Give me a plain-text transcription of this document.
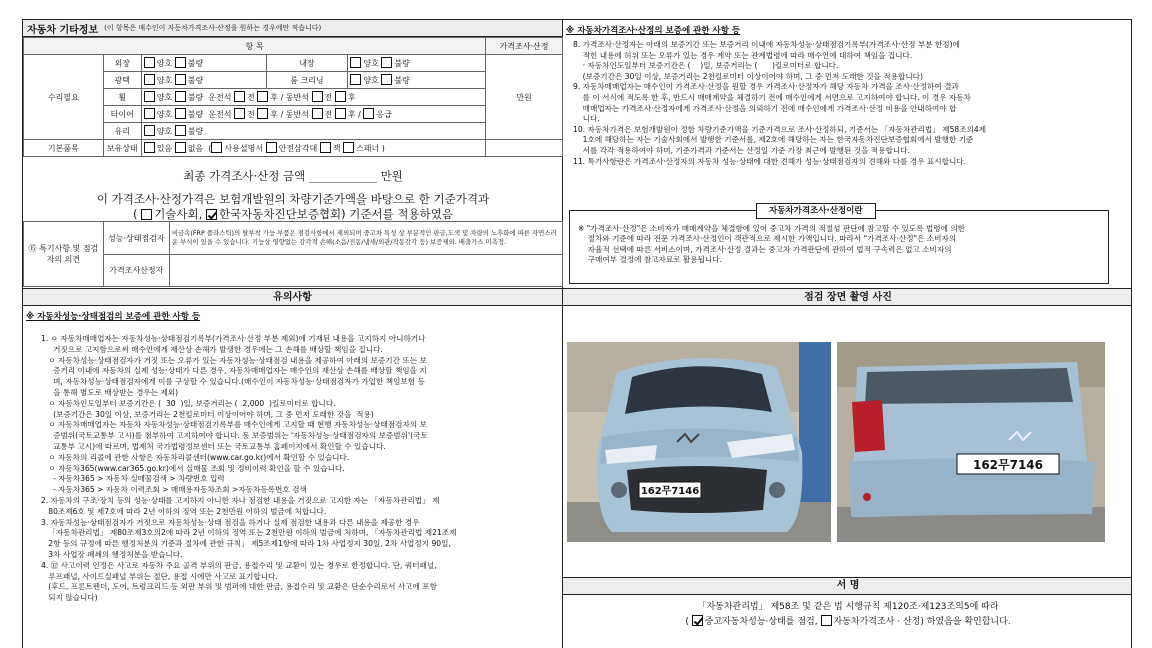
자동차 기타정보 (이 항목은 매수인이 자동차가격조사·산정을 원하는 경우에만 적습니다)
항 목					가격조사·산정
수리필요	외장	양호 불량	내장	양호 불량	만원
	광택	양호 불량	룸 크리닝	양호 불량	
	휠	양호 불량 운전석 전 후 / 동반석 전 후			
	타이어	양호 불량 운전석 전 후 / 동반석 전 후 / 응급			
	유리	양호 불량			
기본품목	보유상태	있음 없음 ( 사용설명서 안전삼각대 잭 스패너 )			
최종 가격조사·산정 금액	만원
이 가격조사·산정가격은 보험개발원의 차량기준가액을 바탕으로 한 기준가격과
( 기술사회, 한국자동차진단보증협회) 기준서를 적용하였음
⑮ 특기사항 및 점검자의 의견	성능·상태점검자	비금속(FRP 플라스틱)의 탈부착 가능 부품은 점검사항에서 제외되며 중고차 특성 상 부분적인 판금,도색 및 차량의 노후화에 따른 자연스러운 부식이 있을 수 있습니다. 기능상 영향없는 감각적 손해(소음/진동/냄새/외관/작동감각 등) 보증제외. 배출가스 미측정.
	가격조사산정자	
※ 자동차가격조사·산정의 보증에 관한 사항 등
8. 가격조사·산정자는 아래의 보증기간 또는 보증거리 이내에 자동차성능·상태점검기록부(가격조사·산정 부분 한정)에
적힌 내용에 허위 또는 오류가 있는 경우 계약 또는 관계법령에 따라 매수인에 대하여 책임을 집니다.
· 자동차인도일부터 보증기간은 (    )일, 보증거리는 (      )킬로미터로 합니다.
(보증기간은 30일 이상, 보증거리는 2천킬로미터 이상이어야 하며, 그 중 먼저 도래한 것을 적용합니다)
9. 자동차매매업자는 매수인이 가격조사·산정을 원할 경우 가격조사·산정자가 해당 자동차 가격을 조사·산정하여 결과
를 이 서식에 적도록 한 후, 반드시 매매계약을 체결하기 전에 매수인에게 서면으로 고지하여야 합니다. 이 경우 자동차
매매업자는 가격조사·산정자에게 가격조사·산정을 의뢰하기 전에 매수인에게 가격조사·산정 비용을 안내하여야 합
니다.
10. 자동차가격은 보험개발원이 정한 차량기준가액을 기준가격으로 조사·산정하되, 기준서는 「자동차관리법」 제58조의4제
1호에 해당하는 자는 기술사회에서 발행한 기준서를, 제2호에 해당하는 자는 한국자동차진단보증협회에서 발행한 기준
서를 각각 적용하여야 하며, 기준가격과 기준서는 산정일 기준 가장 최근에 발행된 것을 적용합니다.
11. 특기사항란은 가격조사·산정자의 자동차 성능·상태에 대한 견해가 성능·상태점검자의 견해와 다를 경우 표시합니다.
자동차가격조사·산정이란
※ "가격조사·산정"은 소비자가 매매계약을 체결함에 있어 중고차 가격의 적절성 판단에 참고할 수 있도록 법령에 의한
절차와 기준에 따라 전문 가격조사·산정인이 객관적으로 제시한 가액입니다. 따라서 "가격조사·산정"은 소비자의
자율적 선택에 따른 서비스이며, 가격조사·산정 결과는 중고차 가격판단에 관하여 법적 구속력은 없고 소비자의
구매여부 결정에 참고자료로 활용됩니다.
유의사항
※ 자동차성능·상태점검의 보증에 관한 사항 등
1. ㅇ 자동차매매업자는 자동차성능·상태점검기록부(가격조사·산정 부분 제외)에 기재된 내용을 고지하지 아니하거나
거짓으로 고지함으로써 매수인에게 재산상 손해가 발생한 경우에는 그 손해를 배상할 책임을 집니다.
ㅇ 자동차성능·상태점검자가 거짓 또는 오류가 있는 자동차성능·상태점검 내용을 제공하여 아래의 보증기간 또는 보
증거리 이내에 자동차의 실제 성능·상태가 다른 경우, 자동차매매업자는 매수인의 재산상 손해를 배상할 책임을 지
며, 자동차성능·상태점검자에게 이를 구상할 수 있습니다.(매수인이 자동차성능·상태점검자가 가입한 책임보험 등
을 통해 별도로 배상받는 경우는 제외)
ㅇ 자동차인도일부터 보증기간은 (  30  )일, 보증거리는 (  2,000  )킬로미터로 합니다.
(보증기간은 30일 이상, 보증거리는 2천킬로미터 이상이어야 하며, 그 중 먼저 도래한 것을  적용)
ㅇ 자동차매매업자는 자동차 자동차성능·상태점검기록부를 매수인에게 고지할 때 현행 자동차성능·상태점검자의 보
증범위(국토교통부 고시)를 첨부하여 고지하여야 합니다. 동 보증범위는 '자동차성능·상태점검자의 보증범위'(국토
교통부 고시)에 따르며, 법제처 국가법령정보센터 또는 국토교통부 홈페이지에서 확인할 수 있습니다.
ㅇ 자동차의 리콜에 관한 사항은 자동차리콜센터(www.car.go.kr)에서 확인할 수 있습니다.
ㅇ 자동차365(www.car365.go.kr)에서 실매물 조회 및 정비이력 확인을 할 수 있습니다.
- 자동차365 > 자동차 실매물검색 > 차량번호 입력
- 자동차365 > 자동차 이력조회 > 매매용자동차조회 >자동차등록번호 검색
2. 자동차의 구조·장치 등의 성능·상태를 고지하지 아니한 자나 점검한 내용을 거짓으로 고지한 자는 「자동차관리법」 제
80조제6호 및 제7호에 따라 2년 이하의 징역 또는 2천만원 이하의 벌금에 처합니다.
3. 자동차성능·상태점검자가 거짓으로 자동차성능·상태 점검을 하거나 실제 점검한 내용과 다른 내용을 제공한 경우
「자동차관리법」 제80조제3호의2에 따라 2년 이하의 징역 또는 2천만원 이하의 벌금에 처하며, 「자동차관리법 제21조제
2항 등의 규정에 따른 행정처분의 기준과 절차에 관한 규칙」 제5조제1항에 따라 1차 사업정지 30일, 2차 사업정지 90일,
3차 사업장 폐쇄의 행정처분을 받습니다.
4. ⑫ 사고이력 인정은 사고로 자동차 주요 골격 부위의 판금, 용접수리 및 교환이 있는 경우로 한정합니다. 단, 쿼터패널,
루프패널, 사이드실패널 부위는 절단, 용접 시에만 사고로 표기합니다.
(후드, 프론트펜더, 도어, 트렁크리드 등 외판 부위 및 범퍼에 대한 판금, 용접수리 및 교환은 단순수리로서 사고에 포함
되지 않습니다)
점검 장면 촬영 사진
162무7146
162무7146
서 명
「자동차관리법」 제58조 및 같은 법 시행규칙 제120조·제123조의5에 따라
( 중고자동차성능·상태를 점검, 자동차가격조사 · 산정) 하였음을 확인합니다.
